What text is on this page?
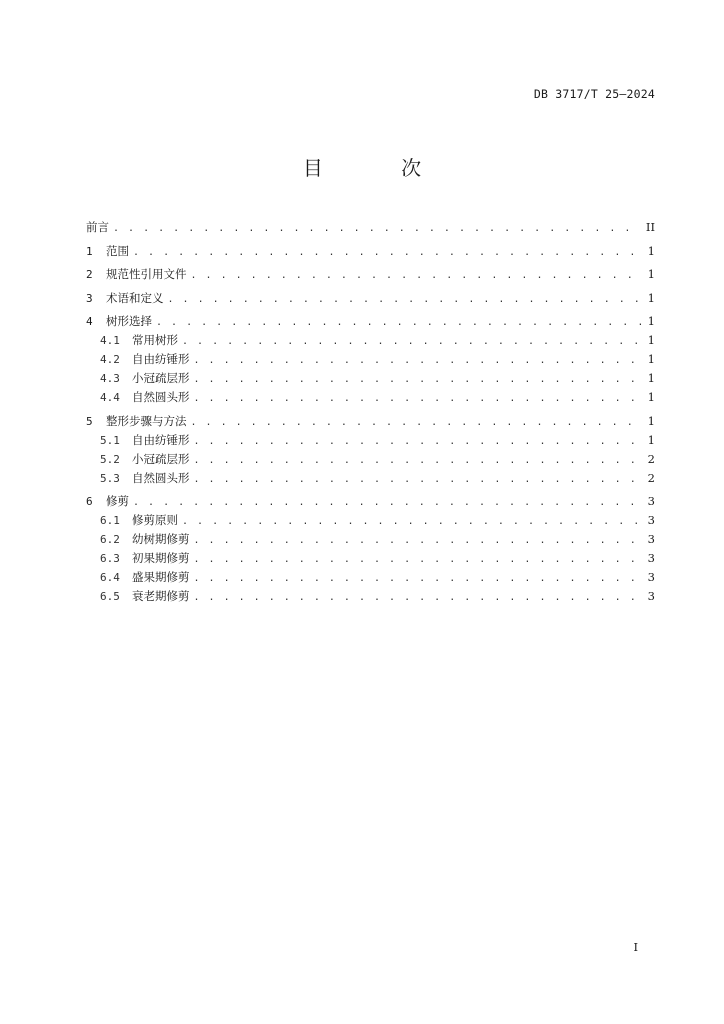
DB 3717/T 25—2024
目 次
前言 . . .	II
1	范围 . . .	1
2	规范性引用文件 . . .	1
3	术语和定义 . . .	1
4	树形选择 . . .	1
4.1	常用树形 . . .	1
4.2	自由纺锤形 . . .	1
4.3	小冠疏层形 . . .	1
4.4	自然圆头形 . . .	1
5	整形步骤与方法 . . .	1
5.1	自由纺锤形 . . .	1
5.2	小冠疏层形 . . .	2
5.3	自然圆头形 . . .	2
6	修剪 . . .	3
6.1	修剪原则 . . .	3
6.2	幼树期修剪 . . .	3
6.3	初果期修剪 . . .	3
6.4	盛果期修剪 . . .	3
6.5	衰老期修剪 . . .	3
I
